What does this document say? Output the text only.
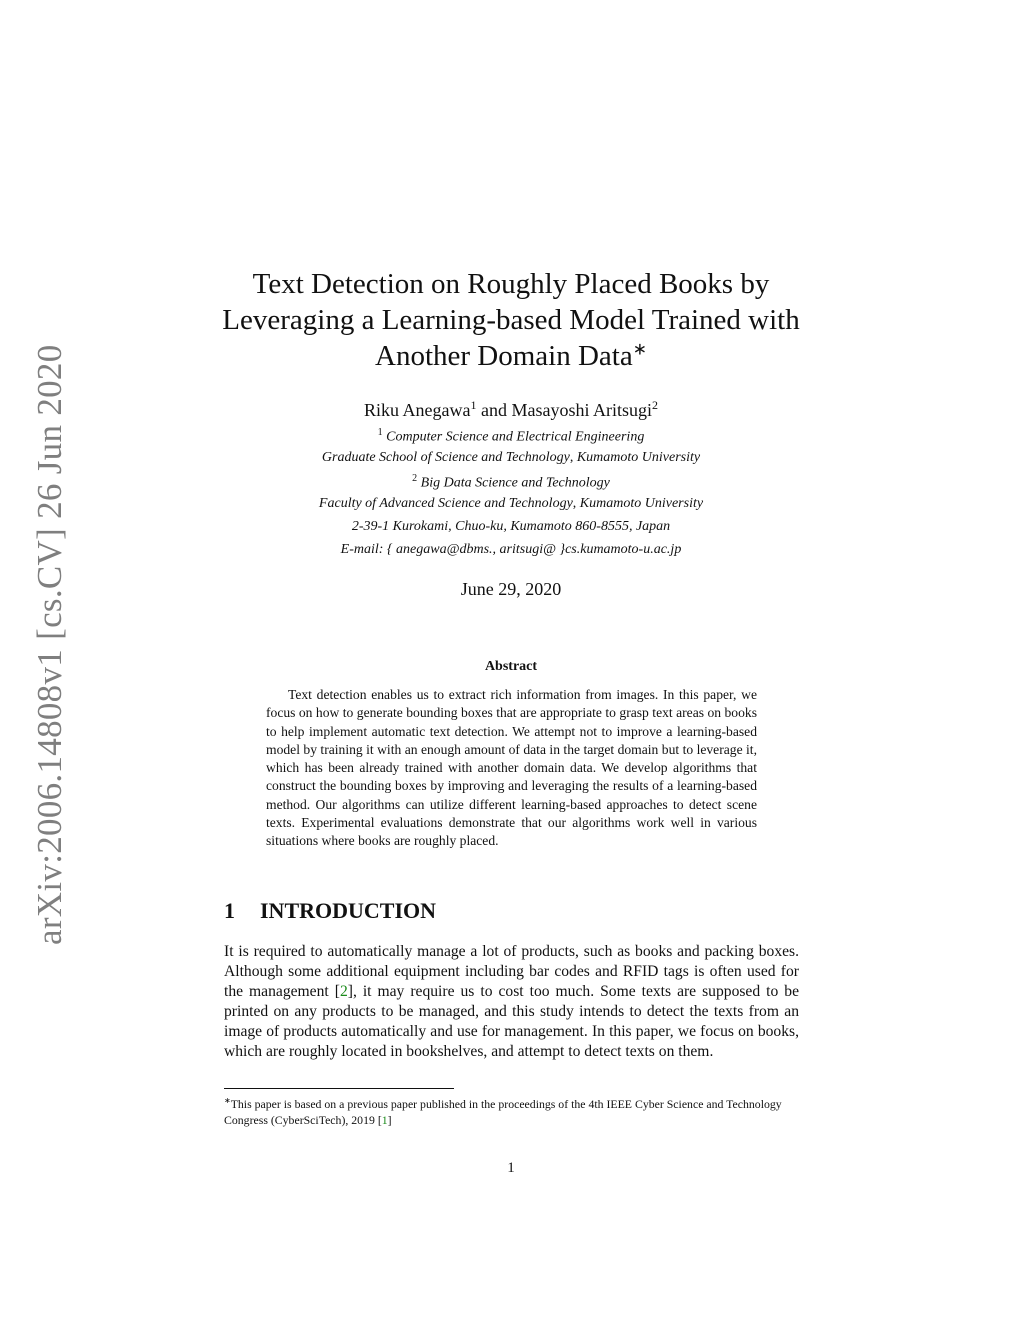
arXiv:2006.14808v1 [cs.CV] 26 Jun 2020
Text Detection on Roughly Placed Books by
Leveraging a Learning-based Model Trained with
Another Domain Data∗
Riku Anegawa$^1$ and Masayoshi Aritsugi$^2$
$^1$ Computer Science and Electrical Engineering
Graduate School of Science and Technology, Kumamoto University
$^2$ Big Data Science and Technology
Faculty of Advanced Science and Technology, Kumamoto University
2-39-1 Kurokami, Chuo-ku, Kumamoto 860-8555, Japan
E-mail: { anegawa@dbms., aritsugi@ }cs.kumamoto-u.ac.jp
June 29, 2020
Abstract
Text detection enables us to extract rich information from images. In this paper, we focus on how to generate bounding boxes that are appropriate to grasp text areas on books to help implement automatic text detection. We attempt not to improve a learning-based model by training it with an enough amount of data in the target domain but to leverage it, which has been already trained with another domain data. We develop algorithms that construct the bounding boxes by improving and leveraging the results of a learning-based method. Our algorithms can utilize different learning-based approaches to detect scene texts. Experimental evaluations demonstrate that our algorithms work well in various situations where books are roughly placed.
1 INTRODUCTION
It is required to automatically manage a lot of products, such as books and packing boxes. Although some additional equipment including bar codes and RFID tags is often used for the management [ 2 ] , it may require us to cost too much. Some texts are supposed to be printed on any products to be managed, and this study intends to detect the texts from an image of products automatically and use for management. In this paper, we focus on books, which are roughly located in bookshelves, and attempt to detect texts on them.
∗This paper is based on a previous paper published in the proceedings of the 4th IEEE Cyber Science and Technology Congress (CyberSciTech), 2019 [ 1 ]
1
